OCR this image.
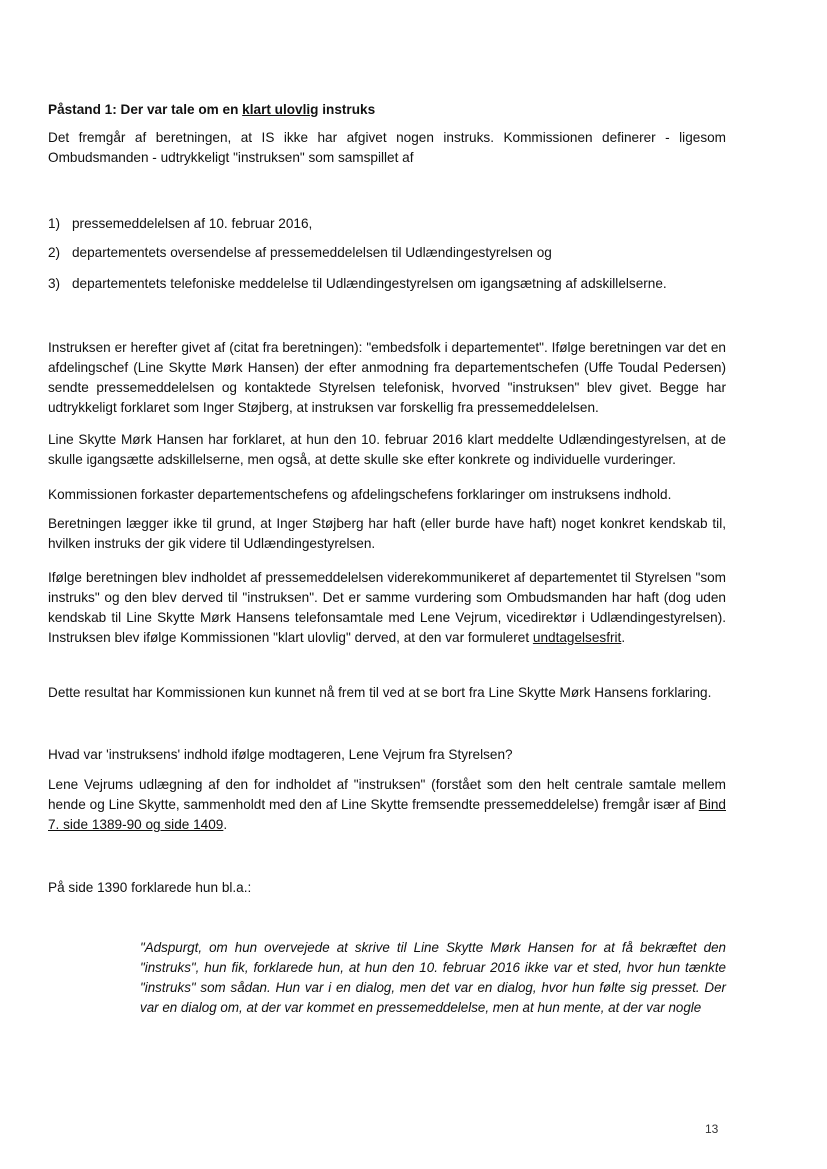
Påstand 1: Der var tale om en klart ulovlig instruks

Det fremgår af beretningen, at IS ikke har afgivet nogen instruks. Kommissionen definerer - ligesom Ombudsmanden - udtrykkeligt "instruksen" som samspillet af

1) pressemeddelelsen af 10. februar 2016,
2) departementets oversendelse af pressemeddelelsen til Udlændingestyrelsen og
3) departementets telefoniske meddelelse til Udlændingestyrelsen om igangsætning af adskillelserne.

Instruksen er herefter givet af (citat fra beretningen): "embedsfolk i departementet". Ifølge beretningen var det en afdelingschef (Line Skytte Mørk Hansen) der efter anmodning fra departementschefen (Uffe Toudal Pedersen) sendte pressemeddelelsen og kontaktede Styrelsen telefonisk, hvorved "instruksen" blev givet. Begge har udtrykkeligt forklaret som Inger Støjberg, at instruksen var forskellig fra pressemeddelelsen.

Line Skytte Mørk Hansen har forklaret, at hun den 10. februar 2016 klart meddelte Udlændingestyrelsen, at de skulle igangsætte adskillelserne, men også, at dette skulle ske efter konkrete og individuelle vurderinger.

Kommissionen forkaster departementschefens og afdelingschefens forklaringer om instruksens indhold.

Beretningen lægger ikke til grund, at Inger Støjberg har haft (eller burde have haft) noget konkret kendskab til, hvilken instruks der gik videre til Udlændingestyrelsen.

Ifølge beretningen blev indholdet af pressemeddelelsen viderekommunikeret af departementet til Styrelsen "som instruks" og den blev derved til "instruksen". Det er samme vurdering som Ombudsmanden har haft (dog uden kendskab til Line Skytte Mørk Hansens telefonsamtale med Lene Vejrum, vicedirektør i Udlændingestyrelsen). Instruksen blev ifølge Kommissionen "klart ulovlig" derved, at den var formuleret undtagelsesfrit.

Dette resultat har Kommissionen kun kunnet nå frem til ved at se bort fra Line Skytte Mørk Hansens forklaring.

Hvad var 'instruksens' indhold ifølge modtageren, Lene Vejrum fra Styrelsen?

Lene Vejrums udlægning af den for indholdet af "instruksen" (forstået som den helt centrale samtale mellem hende og Line Skytte, sammenholdt med den af Line Skytte fremsendte pressemeddelelse) fremgår især af Bind 7. side 1389-90 og side 1409.

På side 1390 forklarede hun bl.a.:

"Adspurgt, om hun overvejede at skrive til Line Skytte Mørk Hansen for at få bekræftet den "instruks", hun fik, forklarede hun, at hun den 10. februar 2016 ikke var et sted, hvor hun tænkte "instruks" som sådan. Hun var i en dialog, men det var en dialog, hvor hun følte sig presset. Der var en dialog om, at der var kommet en pressemeddelelse, men at hun mente, at der var nogle

13
